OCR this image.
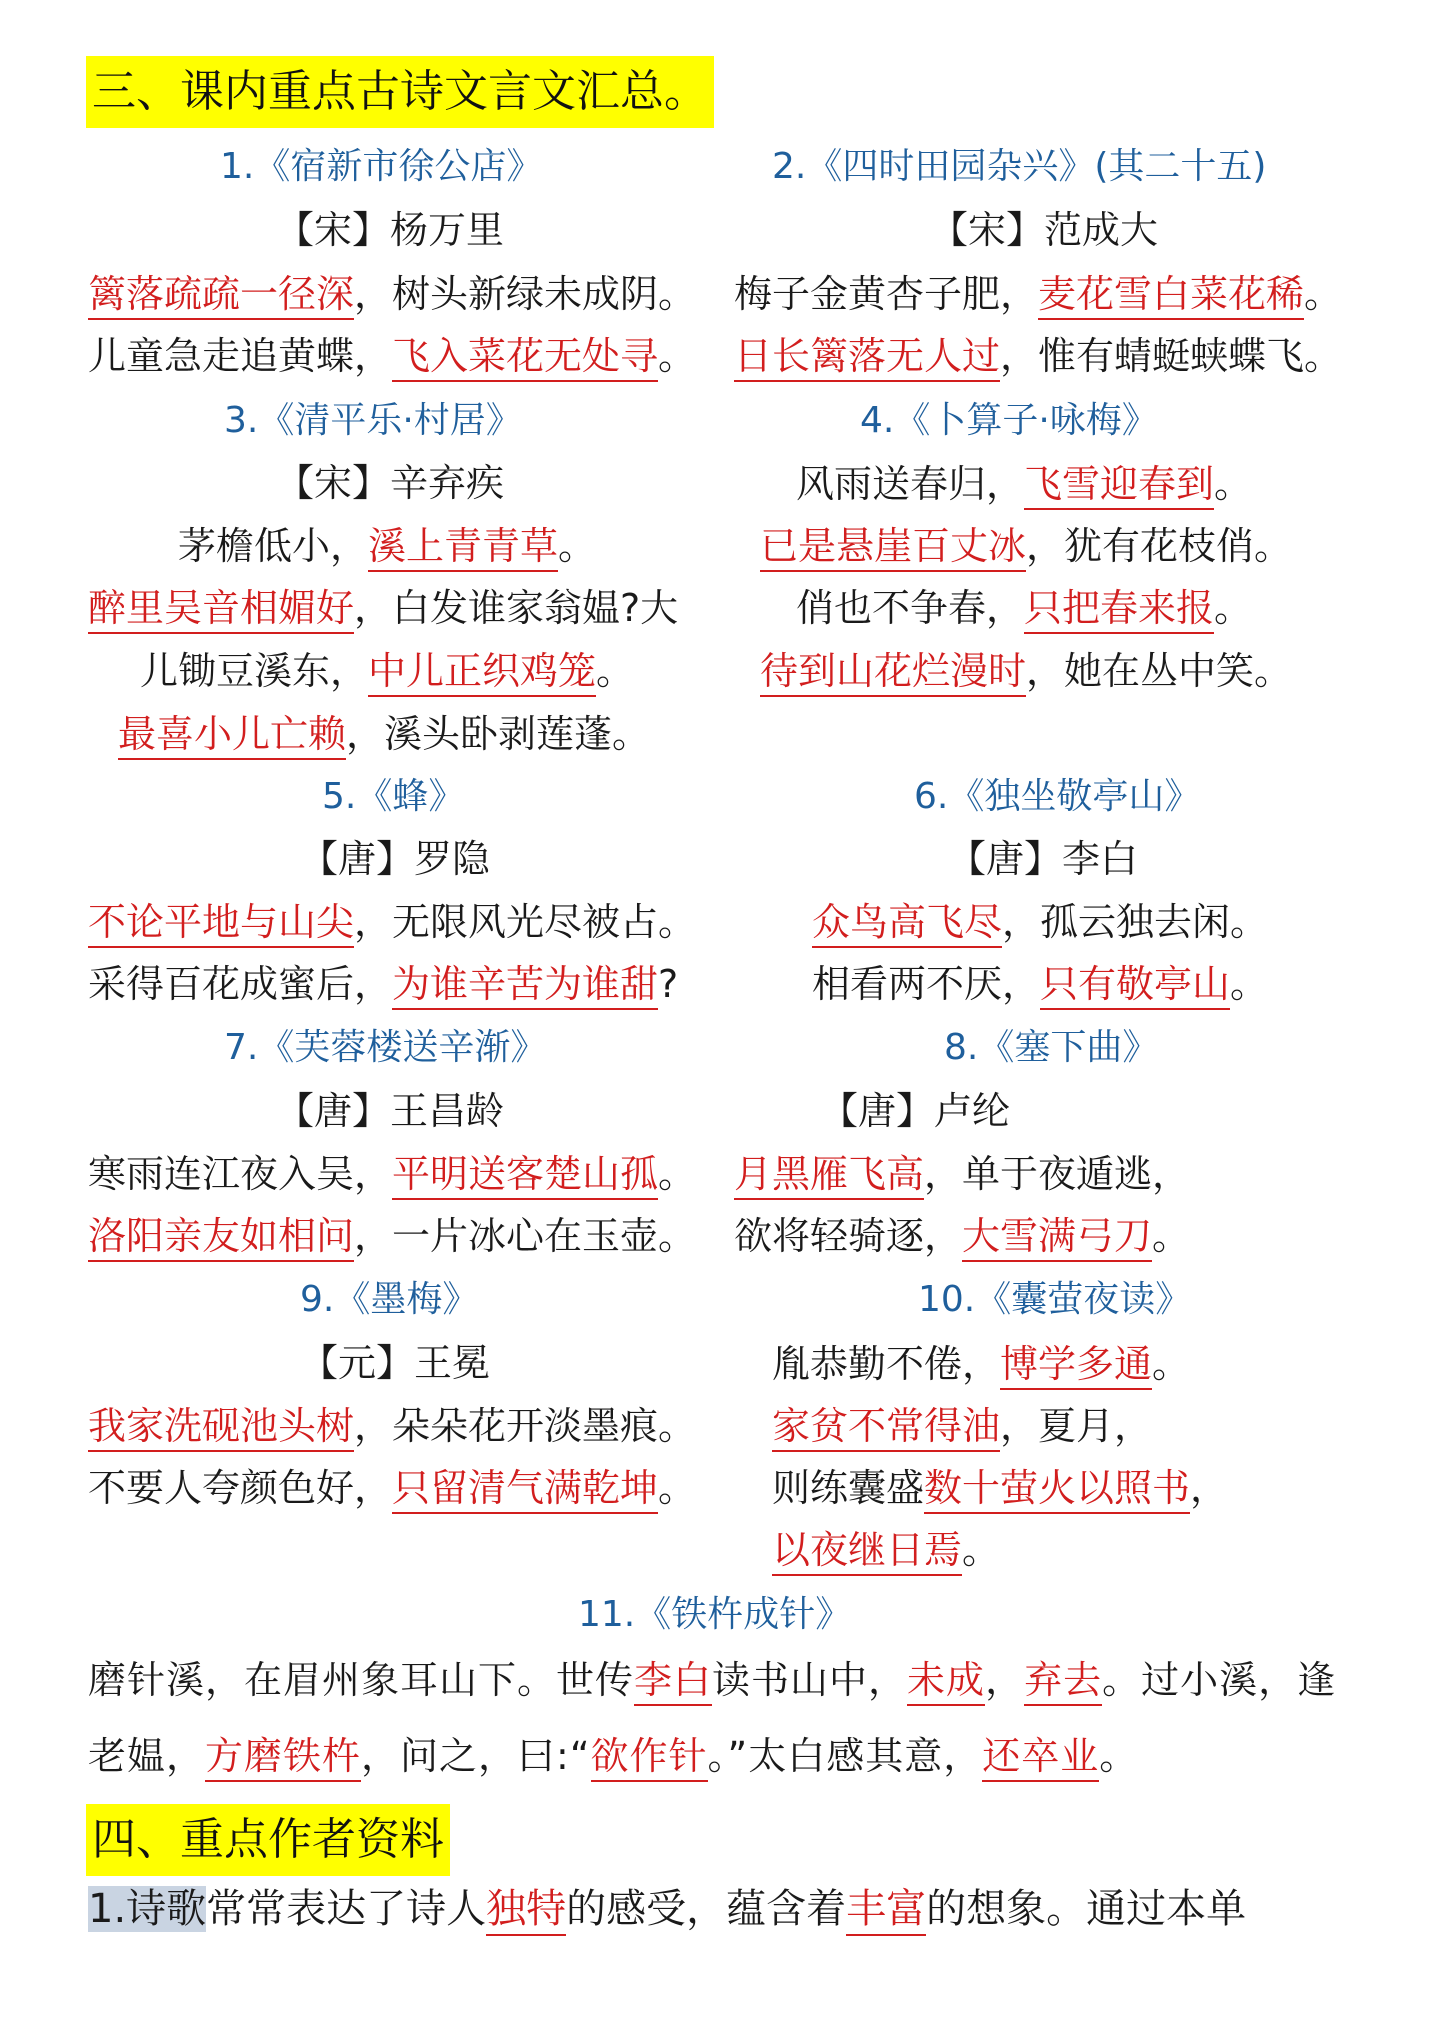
三、课内重点古诗文言文汇总。
1.《宿新市徐公店》
【宋】杨万里
篱落疏疏一径深，树头新绿未成阴。
儿童急走追黄蝶，飞入菜花无处寻。
2.《四时田园杂兴》(其二十五)
【宋】范成大
梅子金黄杏子肥，麦花雪白菜花稀。
日长篱落无人过，惟有蜻蜓蛱蝶飞。
3.《清平乐·村居》
【宋】辛弃疾
茅檐低小，溪上青青草。
醉里吴音相媚好，白发谁家翁媪?大
儿锄豆溪东，中儿正织鸡笼。
最喜小儿亡赖，溪头卧剥莲蓬。
4.《卜算子·咏梅》
风雨送春归，飞雪迎春到。
已是悬崖百丈冰，犹有花枝俏。
俏也不争春，只把春来报。
待到山花烂漫时，她在丛中笑。
5.《蜂》
【唐】罗隐
不论平地与山尖，无限风光尽被占。
采得百花成蜜后，为谁辛苦为谁甜?
6.《独坐敬亭山》
【唐】李白
众鸟高飞尽，孤云独去闲。
相看两不厌，只有敬亭山。
7.《芙蓉楼送辛渐》
【唐】王昌龄
寒雨连江夜入吴，平明送客楚山孤。
洛阳亲友如相问，一片冰心在玉壶。
8.《塞下曲》
【唐】卢纶
月黑雁飞高，单于夜遁逃，
欲将轻骑逐，大雪满弓刀。
9.《墨梅》
【元】王冕
我家洗砚池头树，朵朵花开淡墨痕。
不要人夸颜色好，只留清气满乾坤。
10.《囊萤夜读》
胤恭勤不倦，博学多通。
家贫不常得油，夏月，
则练囊盛数十萤火以照书，
以夜继日焉。
11.《铁杵成针》
磨针溪，在眉州象耳山下。世传李白读书山中，未成，弃去。过小溪，逢
老媪，方磨铁杵，问之，曰:“欲作针。”太白感其意，还卒业。
四、重点作者资料
1.诗歌常常表达了诗人独特的感受，蕴含着丰富的想象。通过本单
